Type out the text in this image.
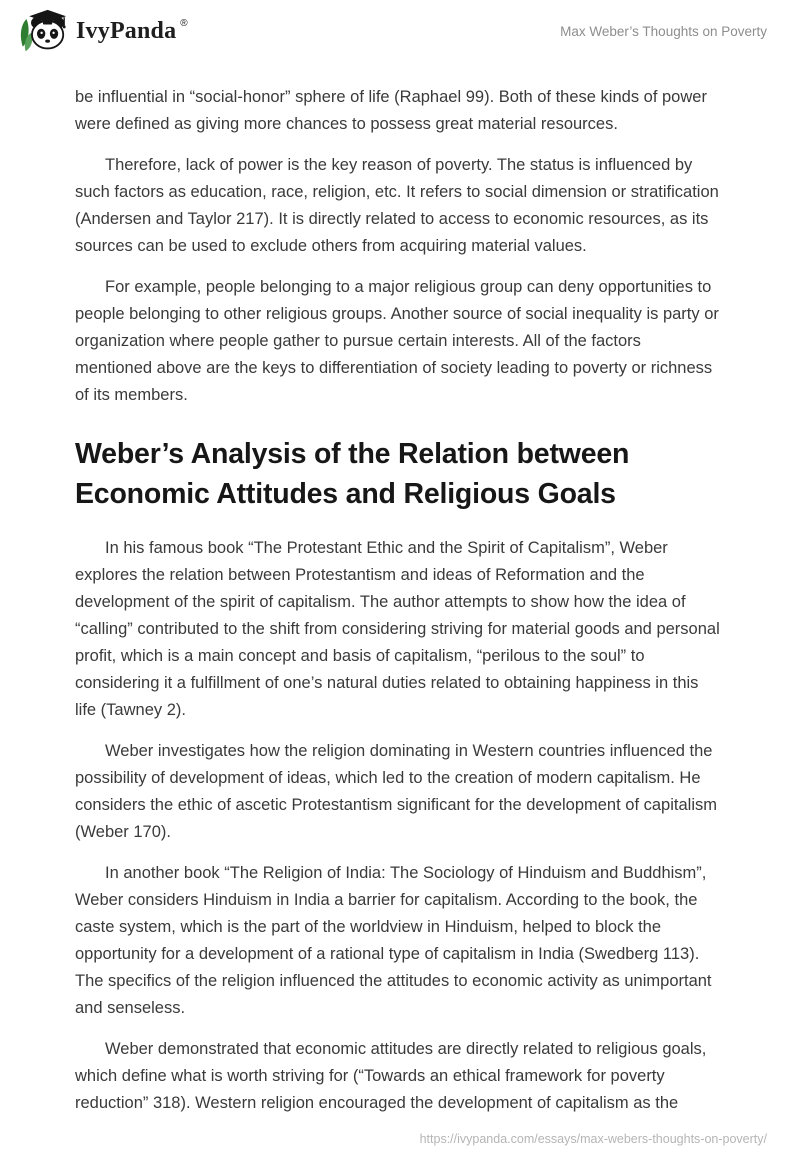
IvyPanda ®	Max Weber’s Thoughts on Poverty

be influential in “social-honor” sphere of life (Raphael 99). Both of these kinds of power were defined as giving more chances to possess great material resources.

Therefore, lack of power is the key reason of poverty. The status is influenced by such factors as education, race, religion, etc. It refers to social dimension or stratification (Andersen and Taylor 217). It is directly related to access to economic resources, as its sources can be used to exclude others from acquiring material values.

For example, people belonging to a major religious group can deny opportunities to people belonging to other religious groups. Another source of social inequality is party or organization where people gather to pursue certain interests. All of the factors mentioned above are the keys to differentiation of society leading to poverty or richness of its members.

Weber’s Analysis of the Relation between Economic Attitudes and Religious Goals

In his famous book “The Protestant Ethic and the Spirit of Capitalism”, Weber explores the relation between Protestantism and ideas of Reformation and the development of the spirit of capitalism. The author attempts to show how the idea of “calling” contributed to the shift from considering striving for material goods and personal profit, which is a main concept and basis of capitalism, “perilous to the soul” to considering it a fulfillment of one’s natural duties related to obtaining happiness in this life (Tawney 2).

Weber investigates how the religion dominating in Western countries influenced the possibility of development of ideas, which led to the creation of modern capitalism. He considers the ethic of ascetic Protestantism significant for the development of capitalism (Weber 170).

In another book “The Religion of India: The Sociology of Hinduism and Buddhism”, Weber considers Hinduism in India a barrier for capitalism. According to the book, the caste system, which is the part of the worldview in Hinduism, helped to block the opportunity for a development of a rational type of capitalism in India (Swedberg 113). The specifics of the religion influenced the attitudes to economic activity as unimportant and senseless.

Weber demonstrated that economic attitudes are directly related to religious goals, which define what is worth striving for (“Towards an ethical framework for poverty reduction” 318). Western religion encouraged the development of capitalism as the

https://ivypanda.com/essays/max-webers-thoughts-on-poverty/
